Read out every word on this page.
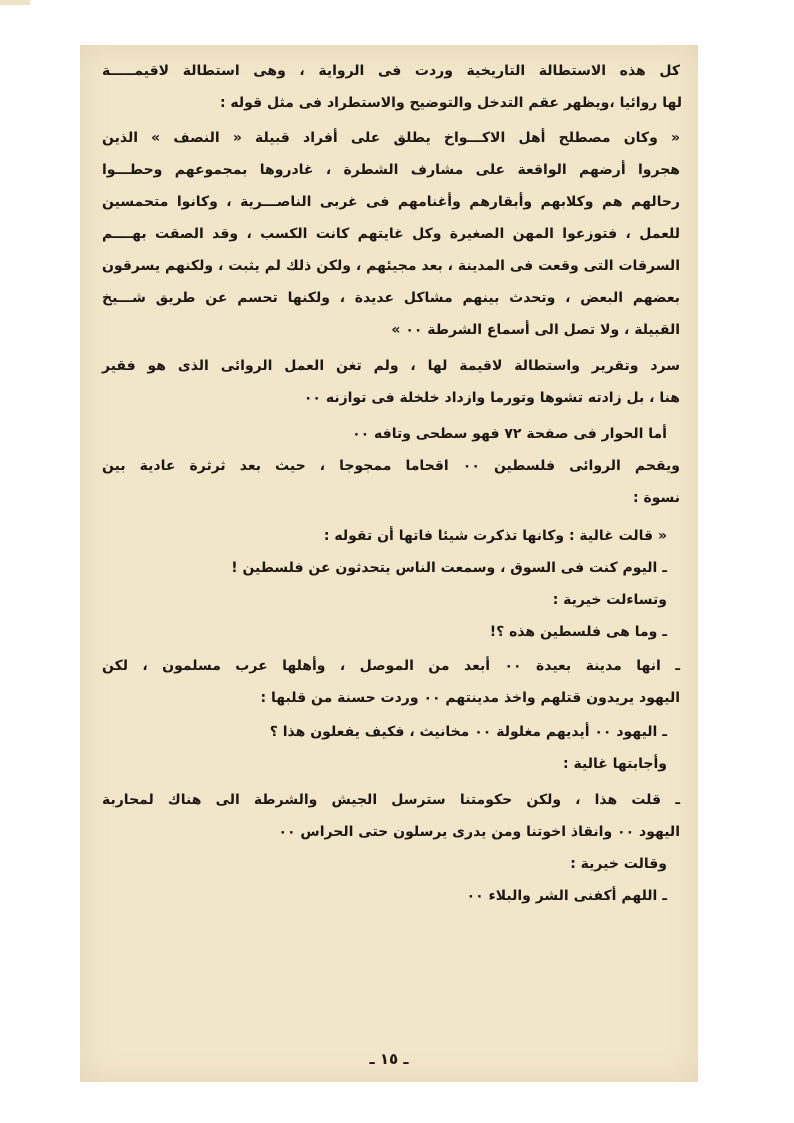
كل هذه الاستطالة التاريخية وردت فى الرواية ، وهى استطالة لاقيمـــــة
لها روائيا ،ويظهر عقم التدخل والتوضيح والاستطراد فى مثل قوله :
« وكان مصطلح أهل الاكـــواخ يطلق على أفراد قبيلة « النصف » الذين
هجروا أرضهم الواقعة على مشارف الشطرة ، غادروها بمجموعهم وحطـــوا
رحالهم هم وكلابهم وأبقارهم وأغنامهم فى غربى الناصـــرية ، وكانوا متحمسين
للعمل ، فتوزعوا المهن الصغيرة وكل غايتهم كانت الكسب ، وقد الصقت بهــــم
السرقات التى وقعت فى المدينة ، بعد مجيئهم ، ولكن ذلك لم يثبت ، ولكنهم يسرقون
بعضهم البعض ، وتحدث بينهم مشاكل عديدة ، ولكنها تحسم عن طريق شـــيخ
القبيلة ، ولا تصل الى أسماع الشرطة ٠٠ »
سرد وتقرير واستطالة لاقيمة لها ، ولم تغن العمل الروائى الذى هو فقير
هنا ، بل زادته تشوها وتورما وازداد خلخلة فى توازنه ٠٠
أما الحوار فى صفحة ٧٢ فهو سطحى وتافه ٠٠
ويقحم الروائى فلسطين ٠٠ اقحاما ممجوجا ، حيث بعد ثرثرة عادية بين
نسوة :
« قالت غالية : وكانها تذكرت شيئا فاتها أن تقوله :
ـ اليوم كنت فى السوق ، وسمعت الناس يتحدثون عن فلسطين !
وتساءلت خيرية :
ـ وما هى فلسطين هذه ؟!
ـ انها مدينة بعيدة ٠٠ أبعد من الموصل ، وأهلها عرب مسلمون ، لكن
اليهود يريدون قتلهم واخذ مدينتهم ٠٠ وردت حسنة من قلبها :
ـ اليهود ٠٠ أيديهم مغلولة ٠٠ مخانيث ، فكيف يفعلون هذا ؟
وأجابتها غالية :
ـ قلت هذا ، ولكن حكومتنا سترسل الجيش والشرطة الى هناك لمحاربة
اليهود ٠٠ وانقاذ اخوتنا ومن يدرى يرسلون حتى الحراس ٠٠
وقالت خيرية :
ـ اللهم أكفنى الشر والبلاء ٠٠
ـ ١٥ ـ
